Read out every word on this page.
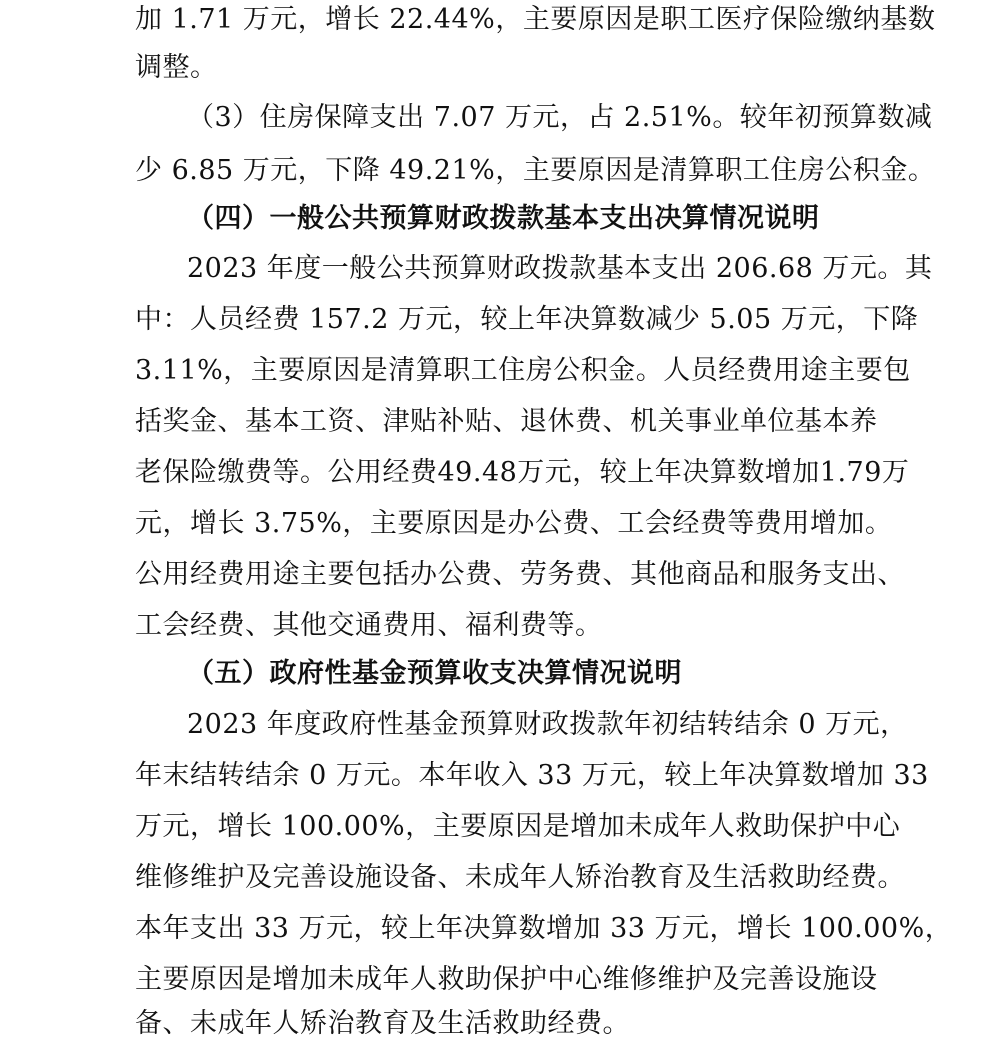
加 1.71 万元，增长 22.44%，主要原因是职工医疗保险缴纳基数
调整。
（3）住房保障支出 7.07 万元，占 2.51%。较年初预算数减
少 6.85 万元，下降 49.21%，主要原因是清算职工住房公积金。
（四）一般公共预算财政拨款基本支出决算情况说明
2023 年度一般公共预算财政拨款基本支出 206.68 万元。其
中：人员经费 157.2 万元，较上年决算数减少 5.05 万元，下降
3.11%，主要原因是清算职工住房公积金。人员经费用途主要包
括奖金、基本工资、津贴补贴、退休费、机关事业单位基本养
老保险缴费等。公用经费49.48万元，较上年决算数增加1.79万
元，增长 3.75%，主要原因是办公费、工会经费等费用增加。
公用经费用途主要包括办公费、劳务费、其他商品和服务支出、
工会经费、其他交通费用、福利费等。
（五）政府性基金预算收支决算情况说明
2023 年度政府性基金预算财政拨款年初结转结余 0 万元，
年末结转结余 0 万元。本年收入 33 万元，较上年决算数增加 33
万元，增长 100.00%，主要原因是增加未成年人救助保护中心
维修维护及完善设施设备、未成年人矫治教育及生活救助经费。
本年支出 33 万元，较上年决算数增加 33 万元，增长 100.00%，
主要原因是增加未成年人救助保护中心维修维护及完善设施设
备、未成年人矫治教育及生活救助经费。
